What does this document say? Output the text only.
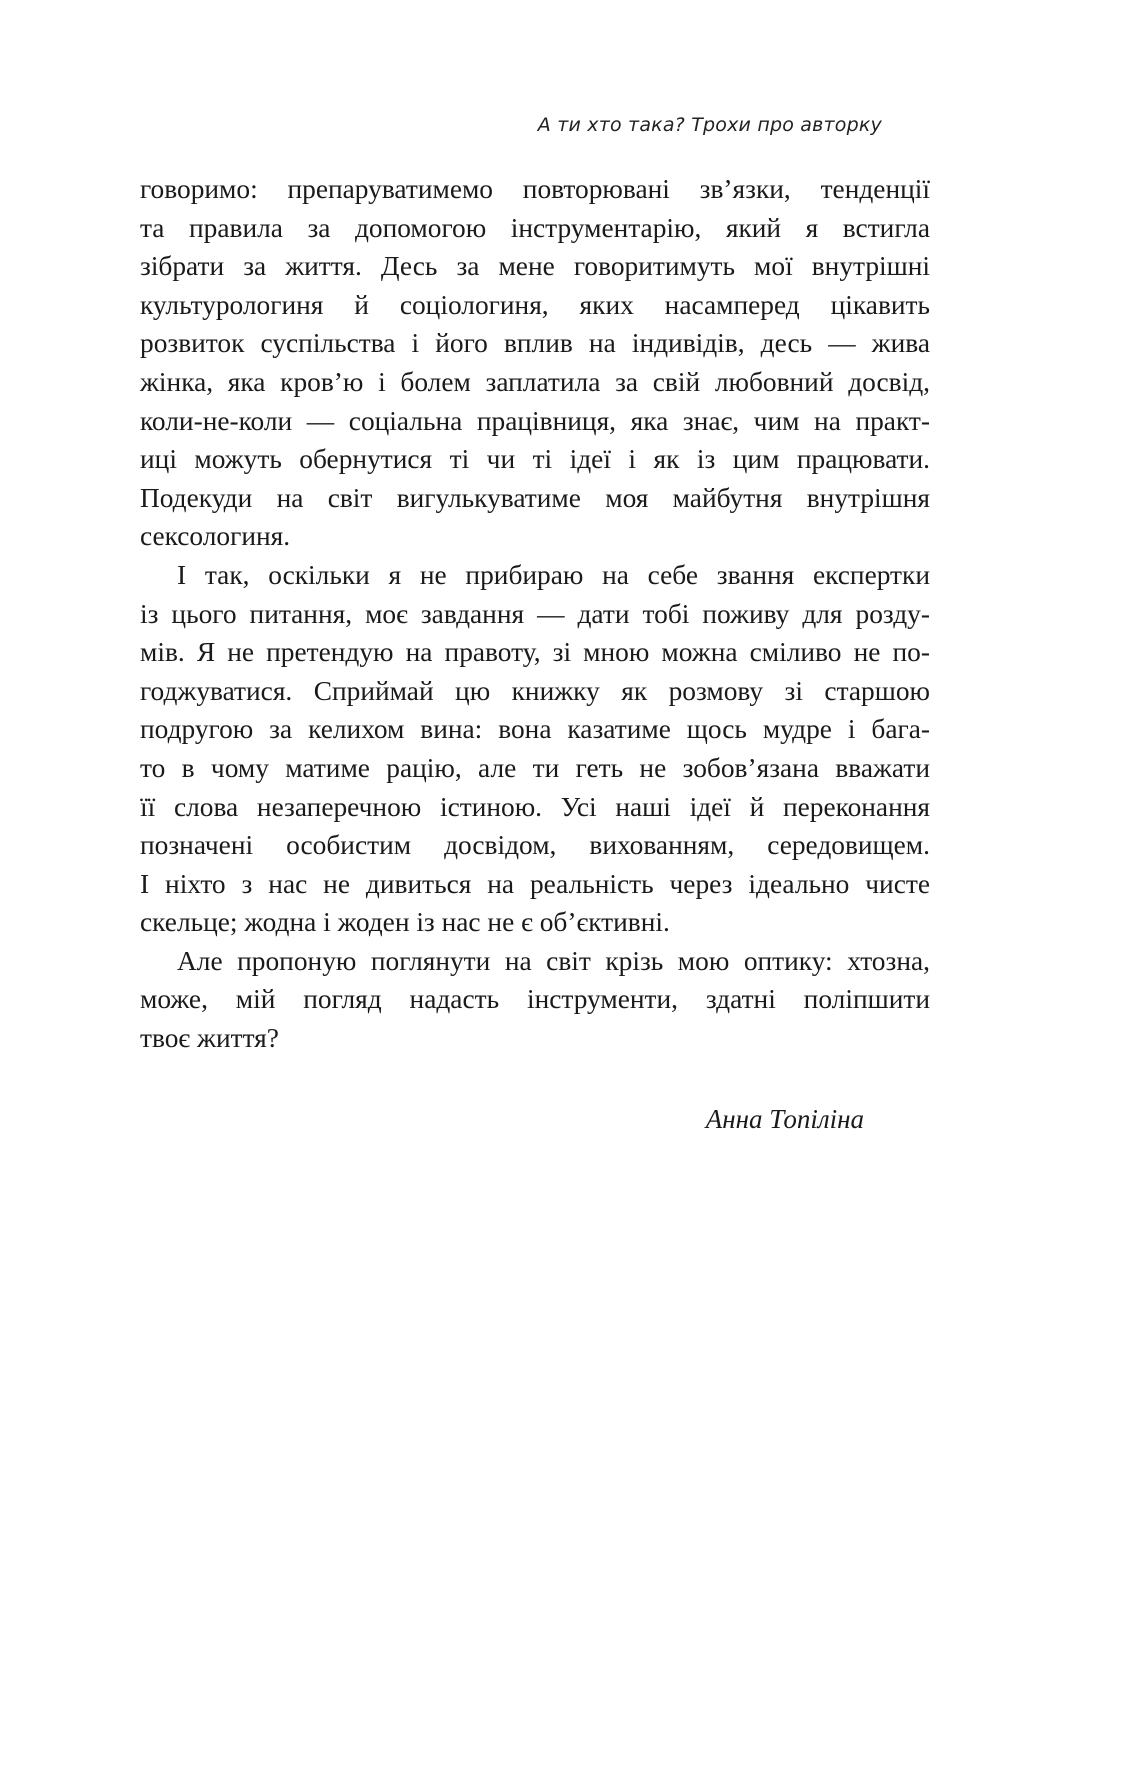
А ти хто така? Трохи про авторку
говоримо: препаруватимемо повторювані зв’язки, тенденції
та правила за допомогою інструментарію, який я встигла
зібрати за життя. Десь за мене говоритимуть мої внутрішні
культурологиня й соціологиня, яких насамперед цікавить
розвиток суспільства і його вплив на індивідів, десь — жива
жінка, яка кров’ю і болем заплатила за свій любовний досвід,
коли-не-коли — соціальна працівниця, яка знає, чим на практ-
иці можуть обернутися ті чи ті ідеї і як із цим працювати.
Подекуди на світ вигулькуватиме моя майбутня внутрішня
сексологиня.
І так, оскільки я не прибираю на себе звання експертки
із цього питання, моє завдання — дати тобі поживу для розду-
мів. Я не претендую на правоту, зі мною можна сміливо не по-
годжуватися. Сприймай цю книжку як розмову зі старшою
подругою за келихом вина: вона казатиме щось мудре і бага-
то в чому матиме рацію, але ти геть не зобов’язана вважати
її слова незаперечною істиною. Усі наші ідеї й переконання
позначені особистим досвідом, вихованням, середовищем.
І ніхто з нас не дивиться на реальність через ідеально чисте
скельце; жодна і жоден із нас не є об’єктивні.
Але пропоную поглянути на світ крізь мою оптику: хтозна,
може, мій погляд надасть інструменти, здатні поліпшити
твоє життя?
Анна Топіліна
